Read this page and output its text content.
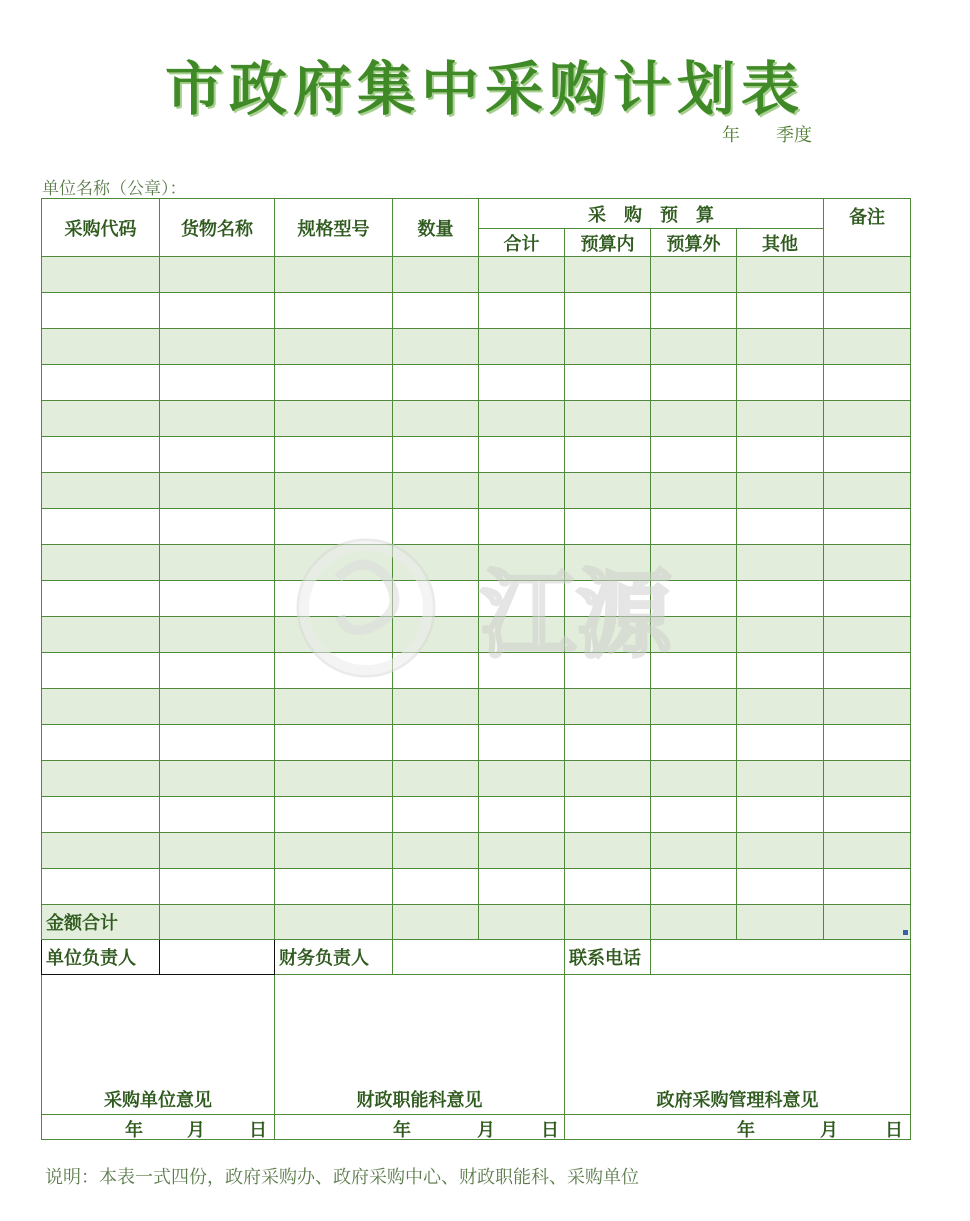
市政府集中采购计划表
年 季度
单位名称（公章）：
采购代码	货物名称	规格型号	数量	采　购　预　算				备注
				合计	预算内	预算外	其他	

金额合计								
单位负责人		财务负责人			联系电话			
采购单位意见		财政职能科意见			政府采购管理科意见			

年 月 日		年 月 日			年 月 日			
江源
说明：本表一式四份，政府采购办、政府采购中心、财政职能科、采购单位
